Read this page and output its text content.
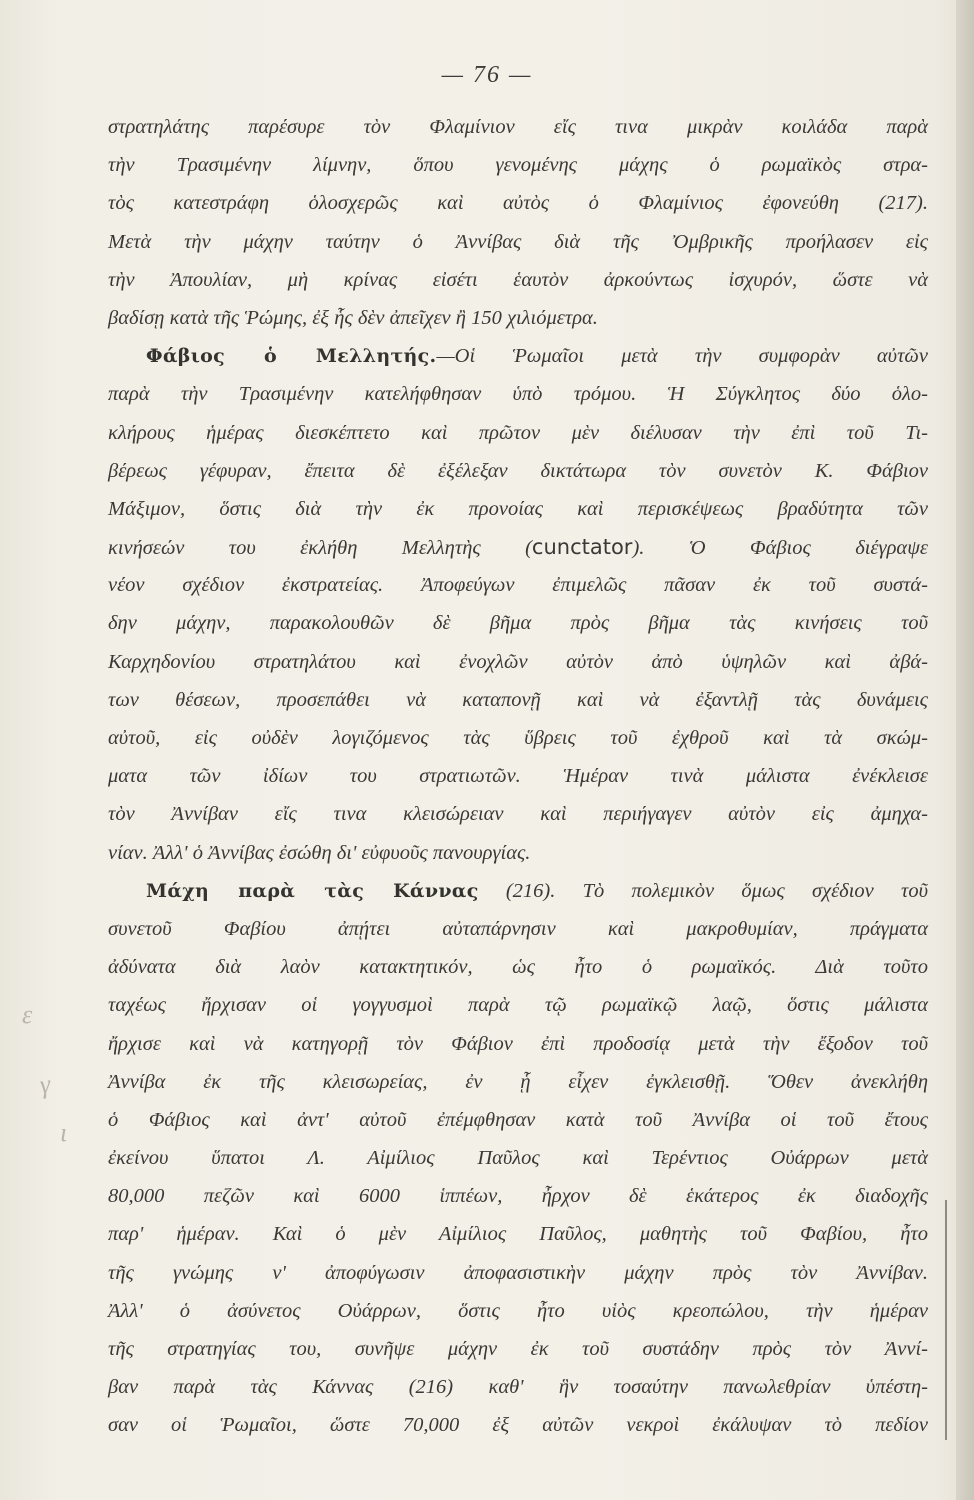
— 76 —
στρατηλάτης παρέσυρε τὸν Φλαμίνιον εἴς τινα μικρὰν κοιλάδα παρὰ
τὴν Τρασιμένην λίμνην, ὅπου γενομένης μάχης ὁ ρωμαϊκὸς στρα-
τὸς κατεστράφη ὁλοσχερῶς καὶ αὐτὸς ὁ Φλαμίνιος ἐφονεύθη (217).
Μετὰ τὴν μάχην ταύτην ὁ Ἀννίβας διὰ τῆς Ὀμβρικῆς προήλασεν εἰς
τὴν Ἀπουλίαν, μὴ κρίνας εἰσέτι ἑαυτὸν ἀρκούντως ἰσχυρόν, ὥστε νὰ
βαδίσῃ κατὰ τῆς Ῥώμης, ἐξ ἧς δὲν ἀπεῖχεν ἢ 150 χιλιόμετρα.
Φάβιος ὁ Μελλητής.—Οἱ Ῥωμαῖοι μετὰ τὴν συμφορὰν αὐτῶν
παρὰ τὴν Τρασιμένην κατελήφθησαν ὑπὸ τρόμου. Ἡ Σύγκλητος δύο ὁλο-
κλήρους ἡμέρας διεσκέπτετο καὶ πρῶτον μὲν διέλυσαν τὴν ἐπὶ τοῦ Τι-
βέρεως γέφυραν, ἔπειτα δὲ ἐξέλεξαν δικτάτωρα τὸν συνετὸν Κ. Φάβιον
Μάξιμον, ὅστις διὰ τὴν ἐκ προνοίας καὶ περισκέψεως βραδύτητα τῶν
κινήσεών του ἐκλήθη Μελλητὴς (cunctator). Ὁ Φάβιος διέγραψε
νέον σχέδιον ἐκστρατείας. Ἀποφεύγων ἐπιμελῶς πᾶσαν ἐκ τοῦ συστά-
δην μάχην, παρακολουθῶν δὲ βῆμα πρὸς βῆμα τὰς κινήσεις τοῦ
Καρχηδονίου στρατηλάτου καὶ ἐνοχλῶν αὐτὸν ἀπὸ ὑψηλῶν καὶ ἀβά-
των θέσεων, προσεπάθει νὰ καταπονῇ καὶ νὰ ἐξαντλῇ τὰς δυνάμεις
αὐτοῦ, εἰς οὐδὲν λογιζόμενος τὰς ὕβρεις τοῦ ἐχθροῦ καὶ τὰ σκώμ-
ματα τῶν ἰδίων του στρατιωτῶν. Ἡμέραν τινὰ μάλιστα ἐνέκλεισε
τὸν Ἀννίβαν εἴς τινα κλεισώρειαν καὶ περιήγαγεν αὐτὸν εἰς ἀμηχα-
νίαν. Ἀλλ' ὁ Ἀννίβας ἐσώθη δι' εὐφυοῦς πανουργίας.
Μάχη παρὰ τὰς Κάννας (216). Τὸ πολεμικὸν ὅμως σχέδιον τοῦ
συνετοῦ Φαβίου ἀπῄτει αὐταπάρνησιν καὶ μακροθυμίαν, πράγματα
ἀδύνατα διὰ λαὸν κατακτητικόν, ὡς ἦτο ὁ ρωμαϊκός. Διὰ τοῦτο
ταχέως ἤρχισαν οἱ γογγυσμοὶ παρὰ τῷ ρωμαϊκῷ λαῷ, ὅστις μάλιστα
ἤρχισε καὶ νὰ κατηγορῇ τὸν Φάβιον ἐπὶ προδοσίᾳ μετὰ τὴν ἔξοδον τοῦ
Ἀννίβα ἐκ τῆς κλεισωρείας, ἐν ᾗ εἶχεν ἐγκλεισθῇ. Ὅθεν ἀνεκλήθη
ὁ Φάβιος καὶ ἀντ' αὐτοῦ ἐπέμφθησαν κατὰ τοῦ Ἀννίβα οἱ τοῦ ἔτους
ἐκείνου ὕπατοι Λ. Αἰμίλιος Παῦλος καὶ Τερέντιος Οὐάρρων μετὰ
80,000 πεζῶν καὶ 6000 ἱππέων, ἦρχον δὲ ἑκάτερος ἐκ διαδοχῆς
παρ' ἡμέραν. Καὶ ὁ μὲν Αἰμίλιος Παῦλος, μαθητὴς τοῦ Φαβίου, ἦτο
τῆς γνώμης ν' ἀποφύγωσιν ἀποφασιστικὴν μάχην πρὸς τὸν Ἀννίβαν.
Ἀλλ' ὁ ἀσύνετος Οὐάρρων, ὅστις ἦτο υἱὸς κρεοπώλου, τὴν ἡμέραν
τῆς στρατηγίας του, συνῆψε μάχην ἐκ τοῦ συστάδην πρὸς τὸν Ἀννί-
βαν παρὰ τὰς Κάννας (216) καθ' ἣν τοσαύτην πανωλεθρίαν ὑπέστη-
σαν οἱ Ῥωμαῖοι, ὥστε 70,000 ἐξ αὐτῶν νεκροὶ ἐκάλυψαν τὸ πεδίον
ε
γ
ι
